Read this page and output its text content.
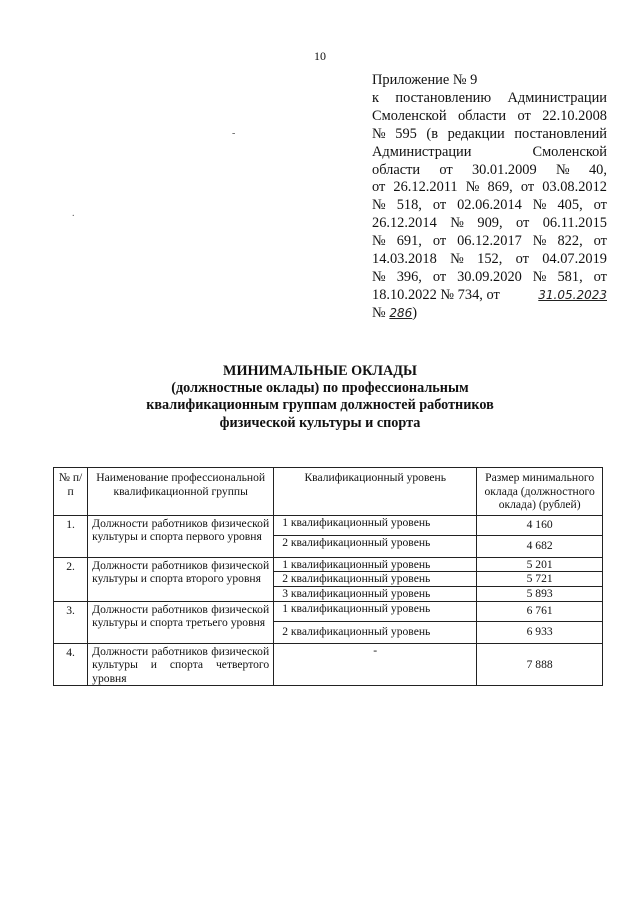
10
-
.
Приложение № 9
к постановлению Администрации
Смоленской области от 22.10.2008
№ 595 (в редакции постановлений
Администрации	Смоленской
области от 30.01.2009 № 40,
от 26.12.2011 № 869, от 03.08.2012
№ 518, от 02.06.2014 № 405, от
26.12.2014 № 909, от 06.11.2015
№ 691, от 06.12.2017 № 822, от
14.03.2018 № 152, от 04.07.2019
№ 396, от 30.09.2020 № 581, от
18.10.2022 № 734, от	31.05.2023
№ 286)
МИНИМАЛЬНЫЕ ОКЛАДЫ
(должностные оклады) по профессиональным
квалификационным группам должностей работников
физической культуры и спорта
№ п/п	Наименование профессиональной квалификационной группы	Квалификационный уровень	Размер минимального оклада (должностного оклада) (рублей)
1.	Должности работников физической культуры и спорта первого уровня	1 квалификационный уровень	4 160
		2 квалификационный уровень	4 682
2.	Должности работников физической культуры и спорта второго уровня	1 квалификационный уровень	5 201
		2 квалификационный уровень	5 721
		3 квалификационный уровень	5 893
3.	Должности работников физической культуры и спорта третьего уровня	1 квалификационный уровень	6 761
		2 квалификационный уровень	6 933
4.	Должности работников физической культуры и спорта четвертого уровня	-	7 888
